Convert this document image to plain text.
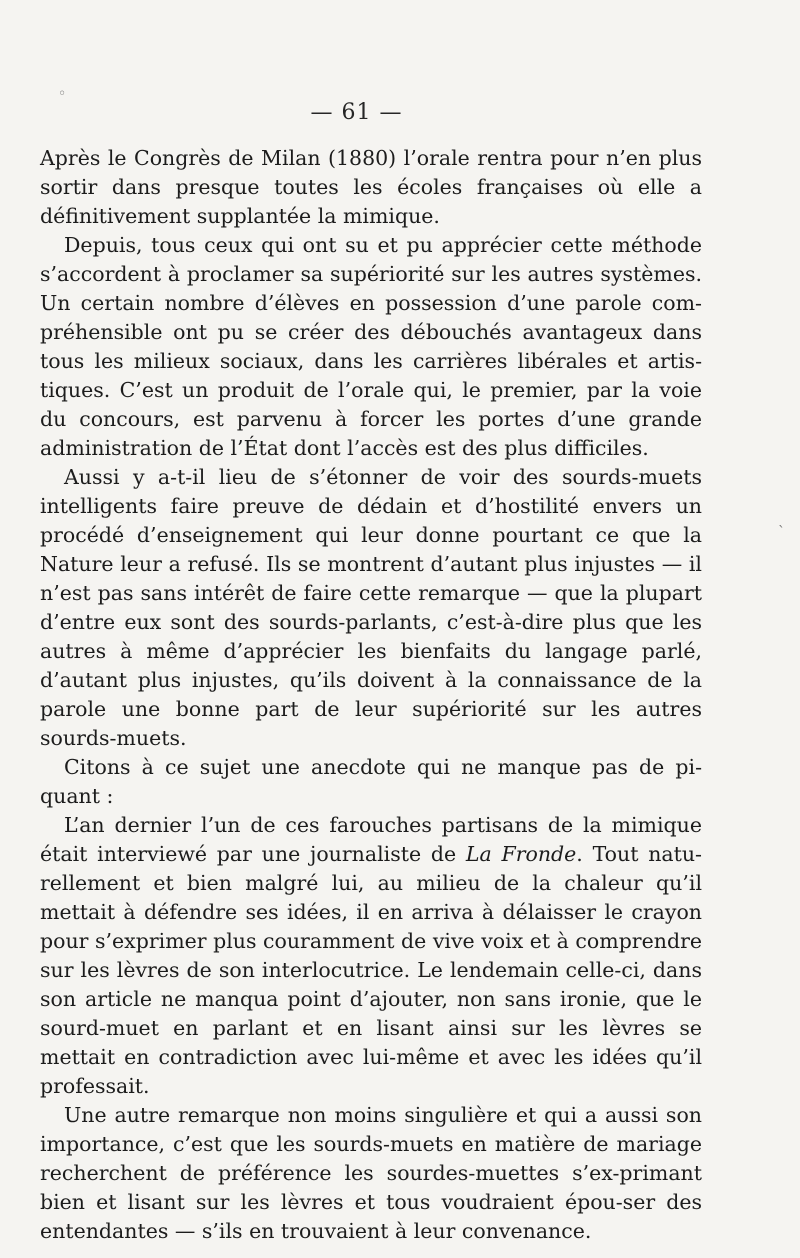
— 61 —

Après le Congrès de Milan (1880) l’orale rentra pour n’en plus sortir dans presque toutes les écoles françaises où elle a définitivement supplantée la mimique.

Depuis, tous ceux qui ont su et pu apprécier cette méthode s’accordent à proclamer sa supériorité sur les autres systèmes. Un certain nombre d’élèves en possession d’une parole com-préhensible ont pu se créer des débouchés avantageux dans tous les milieux sociaux, dans les carrières libérales et artis-tiques. C’est un produit de l’orale qui, le premier, par la voie du concours, est parvenu à forcer les portes d’une grande administration de l’État dont l’accès est des plus difficiles.

Aussi y a-t-il lieu de s’étonner de voir des sourds-muets intelligents faire preuve de dédain et d’hostilité envers un procédé d’enseignement qui leur donne pourtant ce que la Nature leur a refusé. Ils se montrent d’autant plus injustes — il n’est pas sans intérêt de faire cette remarque — que la plupart d’entre eux sont des sourds-parlants, c’est-à-dire plus que les autres à même d’apprécier les bienfaits du langage parlé, d’autant plus injustes, qu’ils doivent à la connaissance de la parole une bonne part de leur supériorité sur les autres sourds-muets.

Citons à ce sujet une anecdote qui ne manque pas de pi-quant :

L’an dernier l’un de ces farouches partisans de la mimique était interviewé par une journaliste de La Fronde. Tout natu-rellement et bien malgré lui, au milieu de la chaleur qu’il mettait à défendre ses idées, il en arriva à délaisser le crayon pour s’exprimer plus couramment de vive voix et à comprendre sur les lèvres de son interlocutrice. Le lendemain celle-ci, dans son article ne manqua point d’ajouter, non sans ironie, que le sourd-muet en parlant et en lisant ainsi sur les lèvres se mettait en contradiction avec lui-même et avec les idées qu’il professait.

Une autre remarque non moins singulière et qui a aussi son importance, c’est que les sourds-muets en matière de mariage recherchent de préférence les sourdes-muettes s’ex-primant bien et lisant sur les lèvres et tous voudraient épou-ser des entendantes — s’ils en trouvaient à leur convenance.

◦
ˎ
